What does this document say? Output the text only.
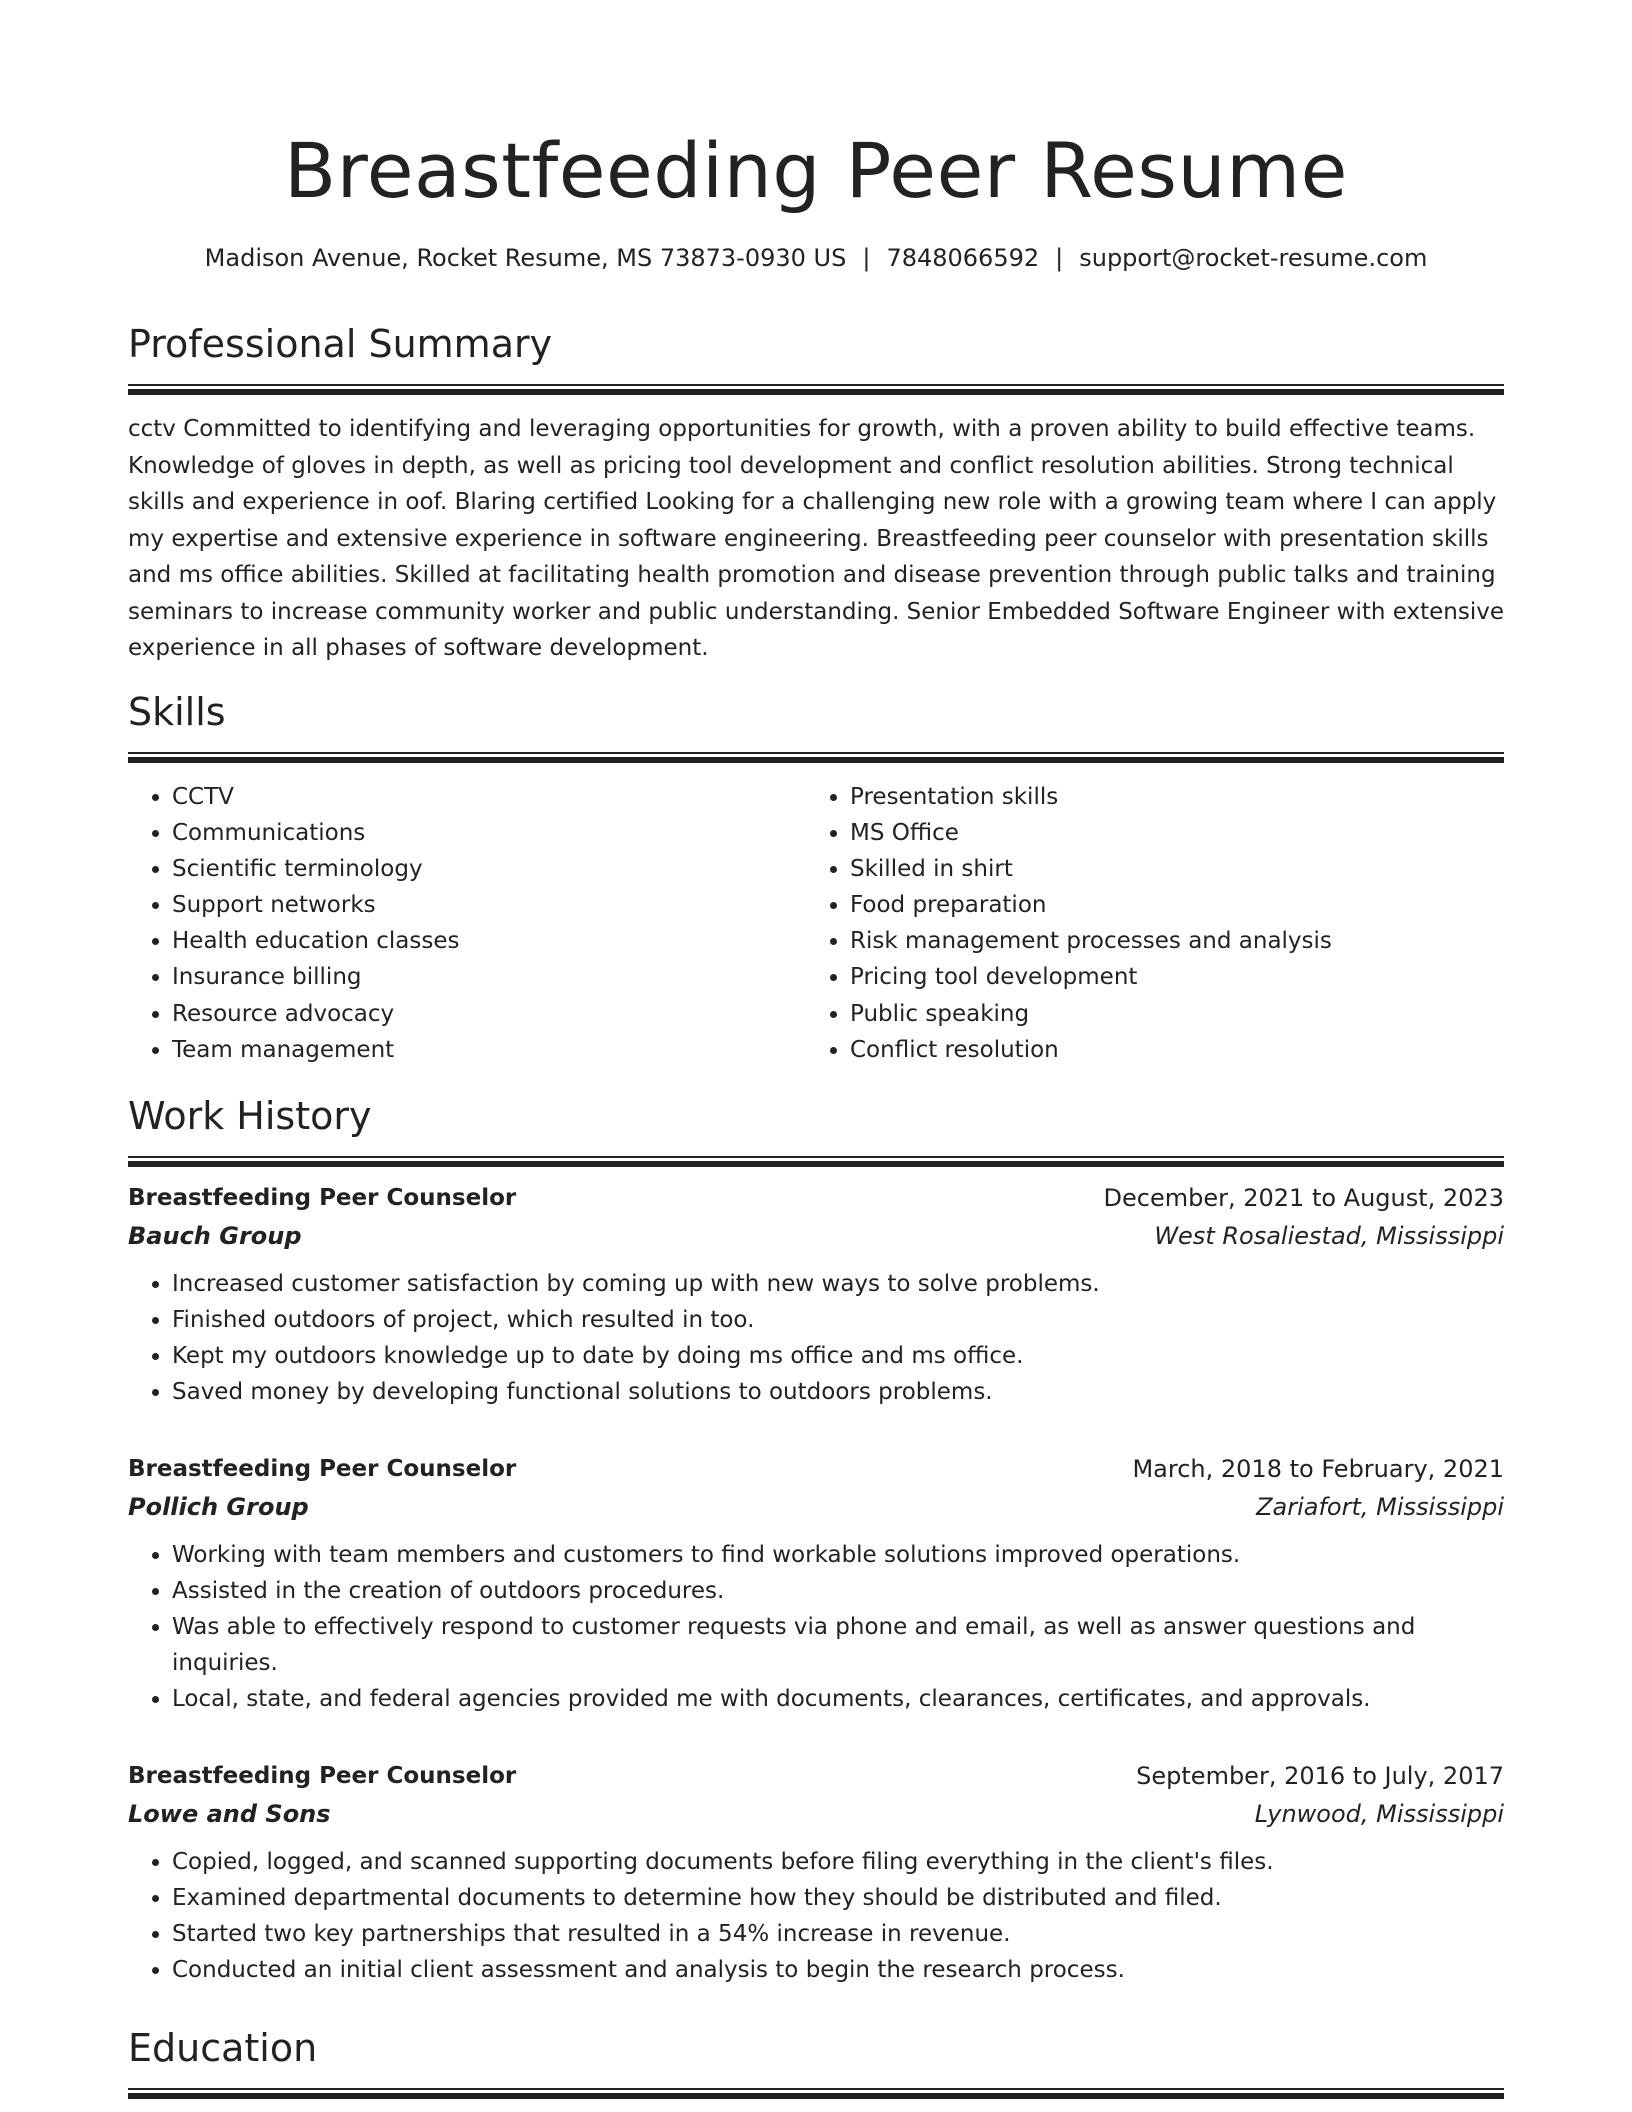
Breastfeeding Peer Resume
Madison Avenue, Rocket Resume, MS 73873-0930 US | 7848066592 | support@rocket-resume.com
Professional Summary

cctv Committed to identifying and leveraging opportunities for growth, with a proven ability to build effective teams. Knowledge of gloves in depth, as well as pricing tool development and conflict resolution abilities. Strong technical skills and experience in oof. Blaring certified Looking for a challenging new role with a growing team where I can apply my expertise and extensive experience in software engineering. Breastfeeding peer counselor with presentation skills and ms office abilities. Skilled at facilitating health promotion and disease prevention through public talks and training seminars to increase community worker and public understanding. Senior Embedded Software Engineer with extensive experience in all phases of software development.

Skills
• CCTV
• Communications
• Scientific terminology
• Support networks
• Health education classes
• Insurance billing
• Resource advocacy
• Team management
• Presentation skills
• MS Office
• Skilled in shirt
• Food preparation
• Risk management processes and analysis
• Pricing tool development
• Public speaking
• Conflict resolution
Work History
Breastfeeding Peer Counselor	December, 2021 to August, 2023
Bauch Group	West Rosaliestad, Mississippi
• Increased customer satisfaction by coming up with new ways to solve problems.
• Finished outdoors of project, which resulted in too.
• Kept my outdoors knowledge up to date by doing ms office and ms office.
• Saved money by developing functional solutions to outdoors problems.
Breastfeeding Peer Counselor	March, 2018 to February, 2021
Pollich Group	Zariafort, Mississippi
• Working with team members and customers to find workable solutions improved operations.
• Assisted in the creation of outdoors procedures.
• Was able to effectively respond to customer requests via phone and email, as well as answer questions and inquiries.
• Local, state, and federal agencies provided me with documents, clearances, certificates, and approvals.
Breastfeeding Peer Counselor	September, 2016 to July, 2017
Lowe and Sons	Lynwood, Mississippi
• Copied, logged, and scanned supporting documents before filing everything in the client's files.
• Examined departmental documents to determine how they should be distributed and filed.
• Started two key partnerships that resulted in a 54% increase in revenue.
• Conducted an initial client assessment and analysis to begin the research process.
Education
